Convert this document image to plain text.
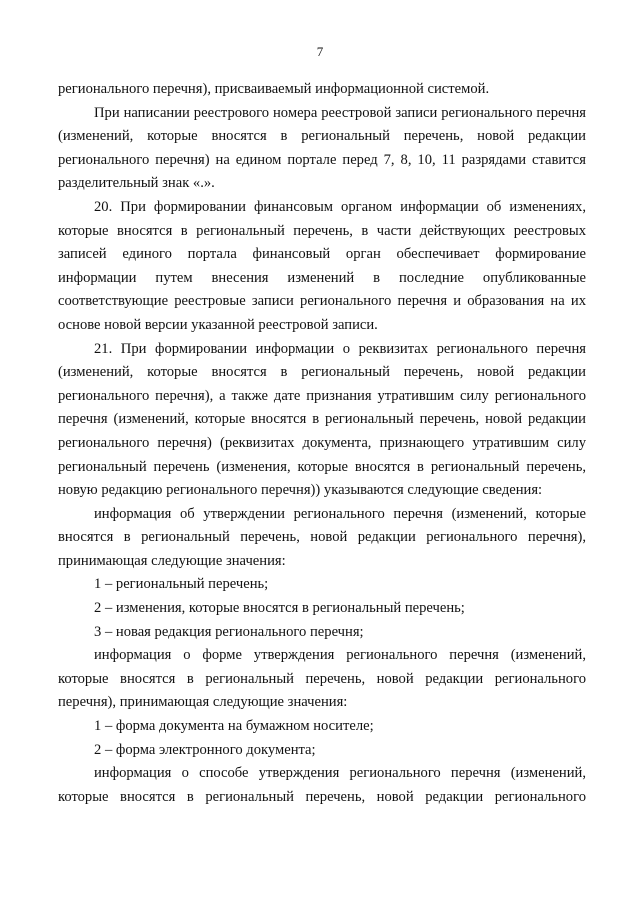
7
регионального перечня), присваиваемый информационной системой.
При написании реестрового номера реестровой записи регионального перечня
(изменений, которые вносятся в региональный перечень, новой редакции
регионального перечня) на едином портале перед 7, 8, 10, 11 разрядами ставится
разделительный знак «.».
20. При формировании финансовым органом информации об изменениях,
которые вносятся в региональный перечень, в части действующих реестровых
записей единого портала финансовый орган обеспечивает формирование
информации путем внесения изменений в последние опубликованные
соответствующие реестровые записи регионального перечня и образования на их
основе новой версии указанной реестровой записи.
21. При формировании информации о реквизитах регионального перечня
(изменений, которые вносятся в региональный перечень, новой редакции
регионального перечня), а также дате признания утратившим силу регионального
перечня (изменений, которые вносятся в региональный перечень, новой редакции
регионального перечня) (реквизитах документа, признающего утратившим силу
региональный перечень (изменения, которые вносятся в региональный перечень,
новую редакцию регионального перечня)) указываются следующие сведения:
информация об утверждении регионального перечня (изменений, которые
вносятся в региональный перечень, новой редакции регионального перечня),
принимающая следующие значения:
1 – региональный перечень;
2 – изменения, которые вносятся в региональный перечень;
3 – новая редакция регионального перечня;
информация о форме утверждения регионального перечня (изменений,
которые вносятся в региональный перечень, новой редакции регионального
перечня), принимающая следующие значения:
1 – форма документа на бумажном носителе;
2 – форма электронного документа;
информация о способе утверждения регионального перечня (изменений,
которые вносятся в региональный перечень, новой редакции регионального
